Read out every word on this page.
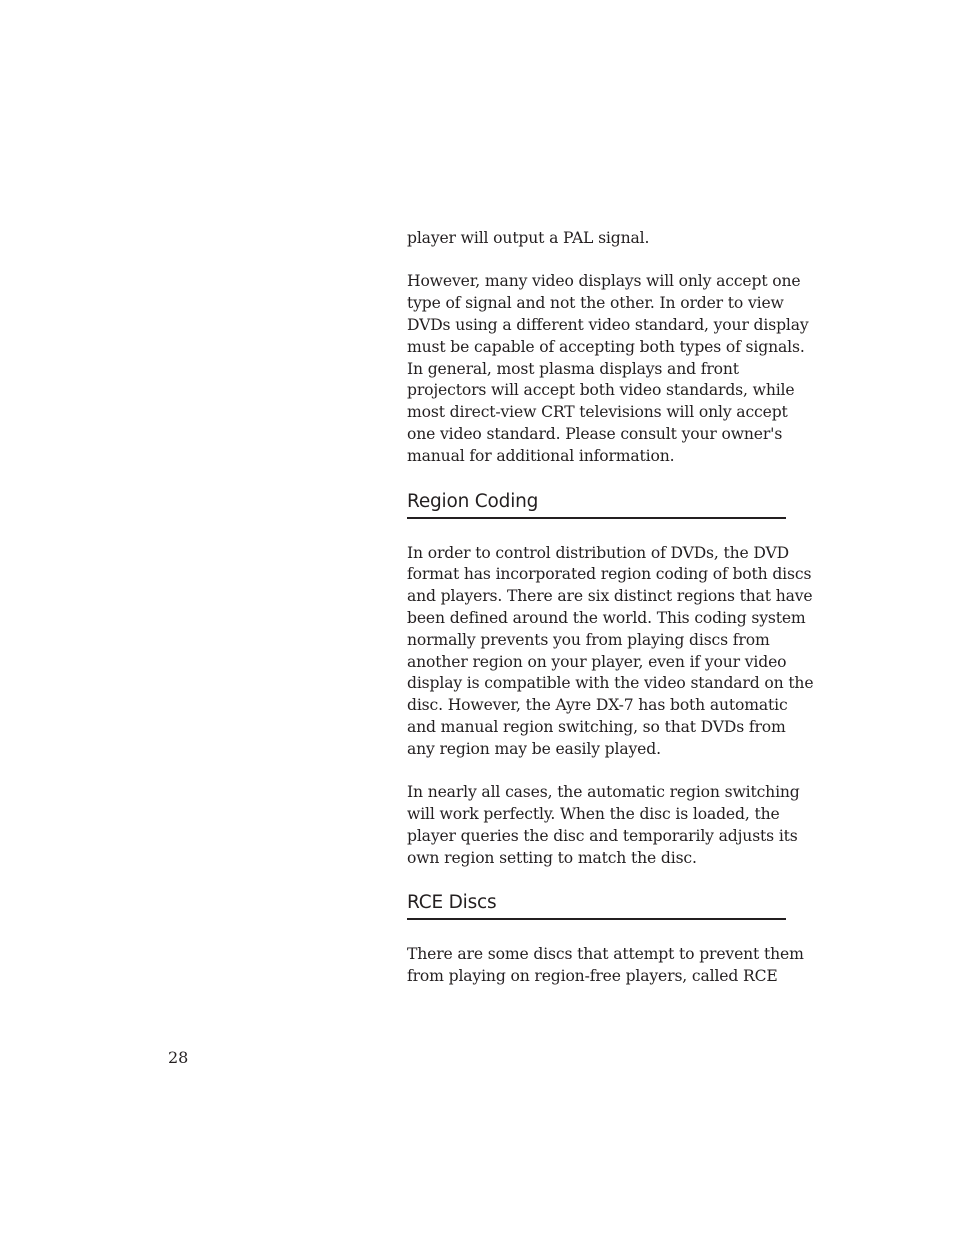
player will output a PAL signal.

However, many video displays will only accept one
type of signal and not the other. In order to view
DVDs using a different video standard, your display
must be capable of accepting both types of signals.
In general, most plasma displays and front
projectors will accept both video standards, while
most direct-view CRT televisions will only accept
one video standard. Please consult your owner's
manual for additional information.

Region Coding

In order to control distribution of DVDs, the DVD
format has incorporated region coding of both discs
and players. There are six distinct regions that have
been defined around the world. This coding system
normally prevents you from playing discs from
another region on your player, even if your video
display is compatible with the video standard on the
disc. However, the Ayre DX-7 has both automatic
and manual region switching, so that DVDs from
any region may be easily played.

In nearly all cases, the automatic region switching
will work perfectly. When the disc is loaded, the
player queries the disc and temporarily adjusts its
own region setting to match the disc.

RCE Discs

There are some discs that attempt to prevent them
from playing on region-free players, called RCE

28
